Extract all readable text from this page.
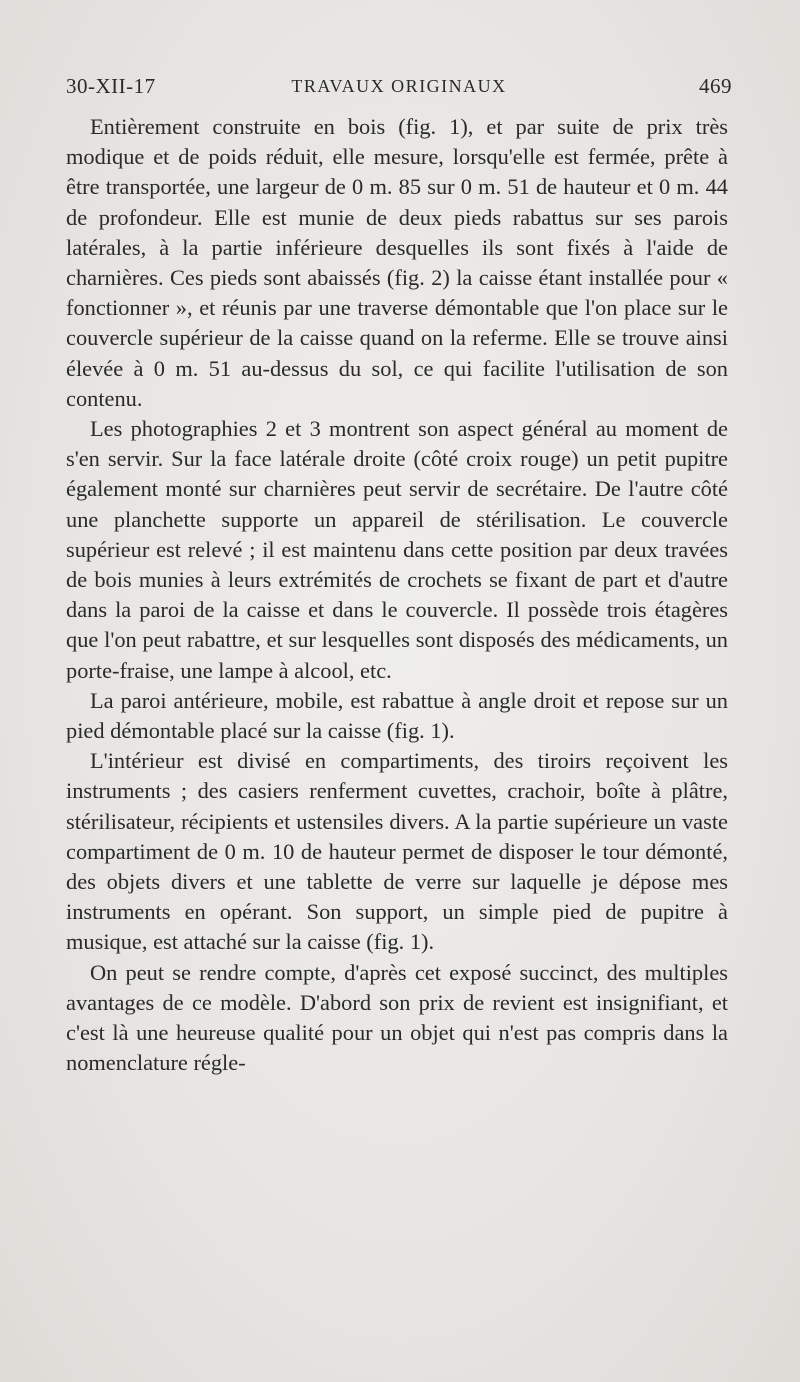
30-XII-17	TRAVAUX ORIGINAUX	469

Entièrement construite en bois (fig. 1), et par suite de prix très modique et de poids réduit, elle mesure, lorsqu'elle est fermée, prête à être transportée, une largeur de 0 m. 85 sur 0 m. 51 de hauteur et 0 m. 44 de profondeur. Elle est munie de deux pieds rabattus sur ses parois latérales, à la partie inférieure desquelles ils sont fixés à l'aide de charnières. Ces pieds sont abaissés (fig. 2) la caisse étant installée pour « fonctionner », et réunis par une traverse démontable que l'on place sur le couvercle supérieur de la caisse quand on la referme. Elle se trouve ainsi élevée à 0 m. 51 au-dessus du sol, ce qui facilite l'utilisation de son contenu.

Les photographies 2 et 3 montrent son aspect général au moment de s'en servir. Sur la face latérale droite (côté croix rouge) un petit pupitre également monté sur charnières peut servir de secrétaire. De l'autre côté une planchette supporte un appareil de stérilisation. Le couvercle supérieur est relevé ; il est maintenu dans cette position par deux travées de bois munies à leurs extrémités de crochets se fixant de part et d'autre dans la paroi de la caisse et dans le couvercle. Il possède trois étagères que l'on peut rabattre, et sur lesquelles sont disposés des médicaments, un porte-fraise, une lampe à alcool, etc.

La paroi antérieure, mobile, est rabattue à angle droit et repose sur un pied démontable placé sur la caisse (fig. 1).

L'intérieur est divisé en compartiments, des tiroirs reçoivent les instruments ; des casiers renferment cuvettes, crachoir, boîte à plâtre, stérilisateur, récipients et ustensiles divers. A la partie supérieure un vaste compartiment de 0 m. 10 de hauteur permet de disposer le tour démonté, des objets divers et une tablette de verre sur laquelle je dépose mes instruments en opérant. Son support, un simple pied de pupitre à musique, est attaché sur la caisse (fig. 1).

On peut se rendre compte, d'après cet exposé succinct, des multiples avantages de ce modèle. D'abord son prix de revient est insignifiant, et c'est là une heureuse qualité pour un objet qui n'est pas compris dans la nomenclature régle-
